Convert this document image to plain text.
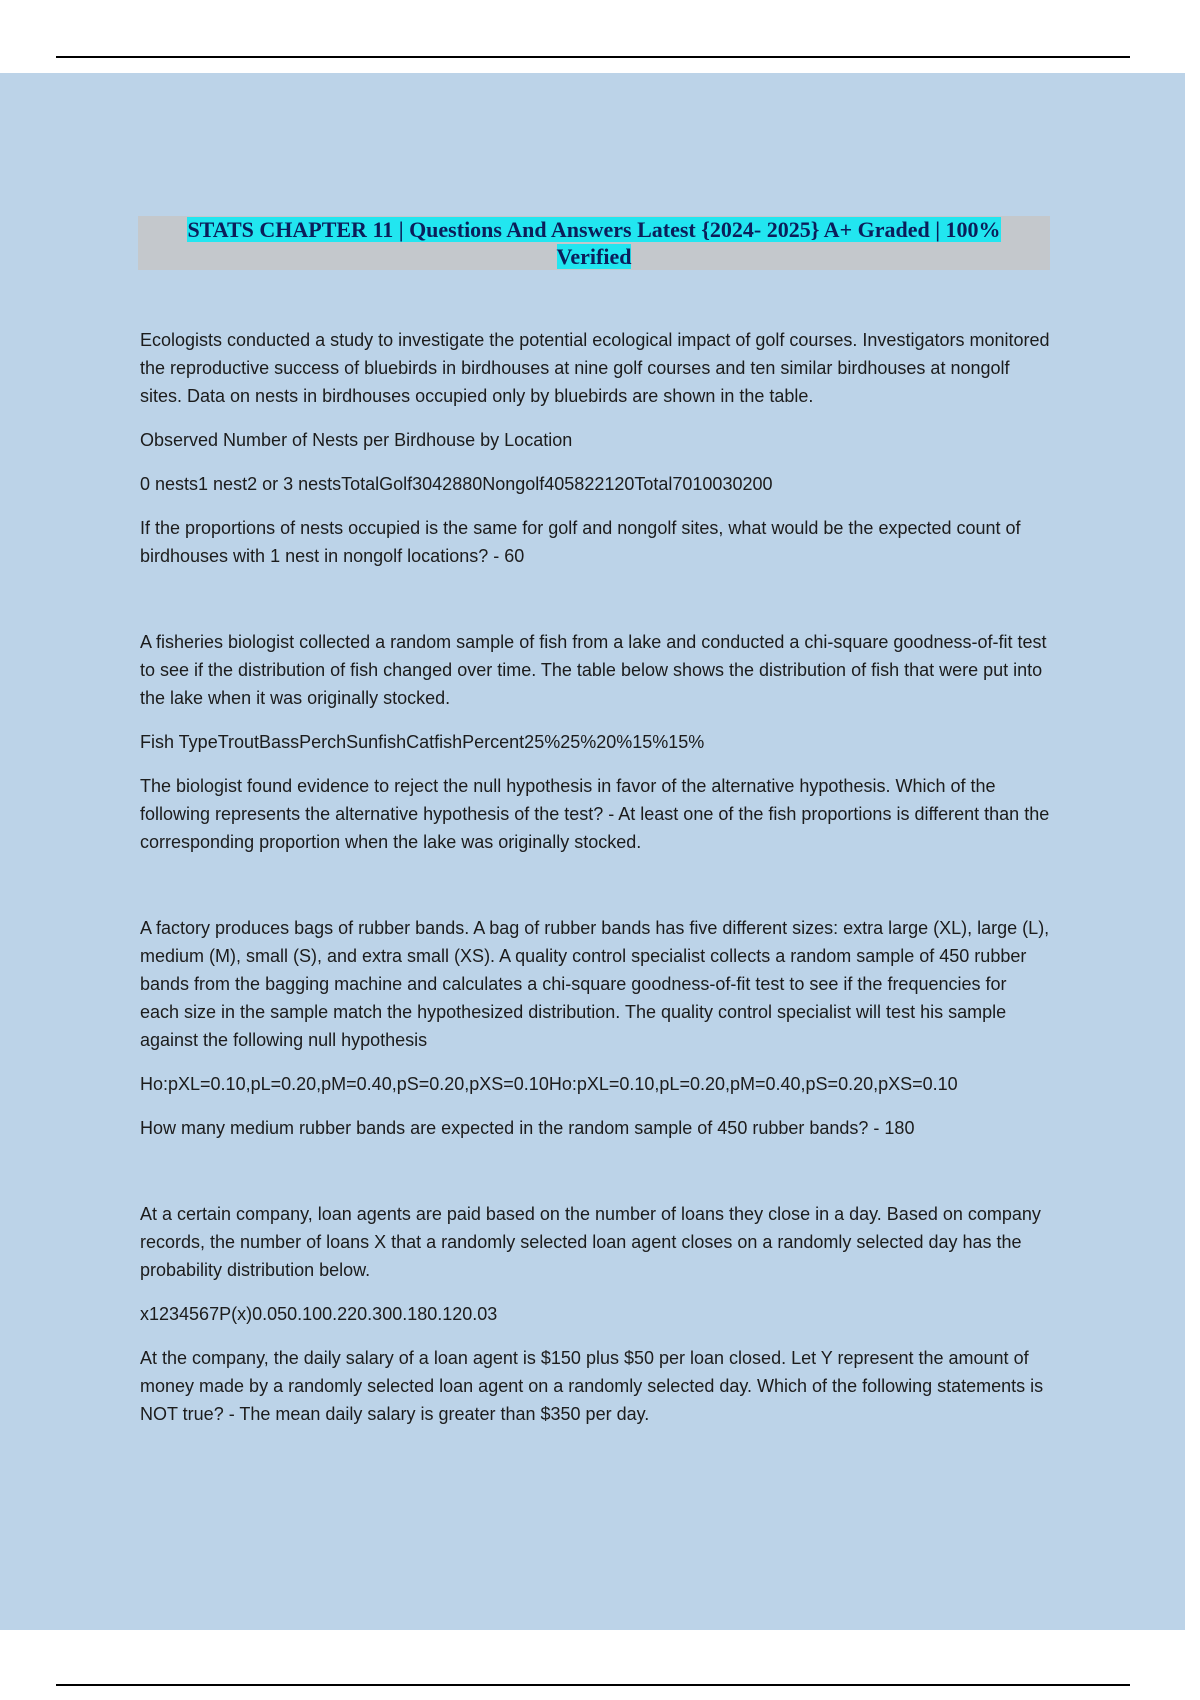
STATS CHAPTER 11 | Questions And Answers Latest {2024- 2025} A+ Graded | 100%
Verified

Ecologists conducted a study to investigate the potential ecological impact of golf courses. Investigators monitored the reproductive success of bluebirds in birdhouses at nine golf courses and ten similar birdhouses at nongolf sites. Data on nests in birdhouses occupied only by bluebirds are shown in the table.

Observed Number of Nests per Birdhouse by Location

0 nests1 nest2 or 3 nestsTotalGolf3042880Nongolf405822120Total7010030200

If the proportions of nests occupied is the same for golf and nongolf sites, what would be the expected count of birdhouses with 1 nest in nongolf locations? - 60

A fisheries biologist collected a random sample of fish from a lake and conducted a chi-square goodness-of-fit test to see if the distribution of fish changed over time. The table below shows the distribution of fish that were put into the lake when it was originally stocked.

Fish TypeTroutBassPerchSunfishCatfishPercent25%25%20%15%15%

The biologist found evidence to reject the null hypothesis in favor of the alternative hypothesis. Which of the following represents the alternative hypothesis of the test? - At least one of the fish proportions is different than the corresponding proportion when the lake was originally stocked.

A factory produces bags of rubber bands. A bag of rubber bands has five different sizes: extra large (XL), large (L), medium (M), small (S), and extra small (XS). A quality control specialist collects a random sample of 450 rubber bands from the bagging machine and calculates a chi-square goodness-of-fit test to see if the frequencies for each size in the sample match the hypothesized distribution. The quality control specialist will test his sample against the following null hypothesis

Ho:pXL=0.10,pL=0.20,pM=0.40,pS=0.20,pXS=0.10Ho:pXL=0.10,pL=0.20,pM=0.40,pS=0.20,pXS=0.10

How many medium rubber bands are expected in the random sample of 450 rubber bands? - 180

At a certain company, loan agents are paid based on the number of loans they close in a day. Based on company records, the number of loans X that a randomly selected loan agent closes on a randomly selected day has the probability distribution below.

x1234567P(x)0.050.100.220.300.180.120.03

At the company, the daily salary of a loan agent is $150 plus $50 per loan closed. Let Y represent the amount of money made by a randomly selected loan agent on a randomly selected day. Which of the following statements is NOT true? - The mean daily salary is greater than $350 per day.
